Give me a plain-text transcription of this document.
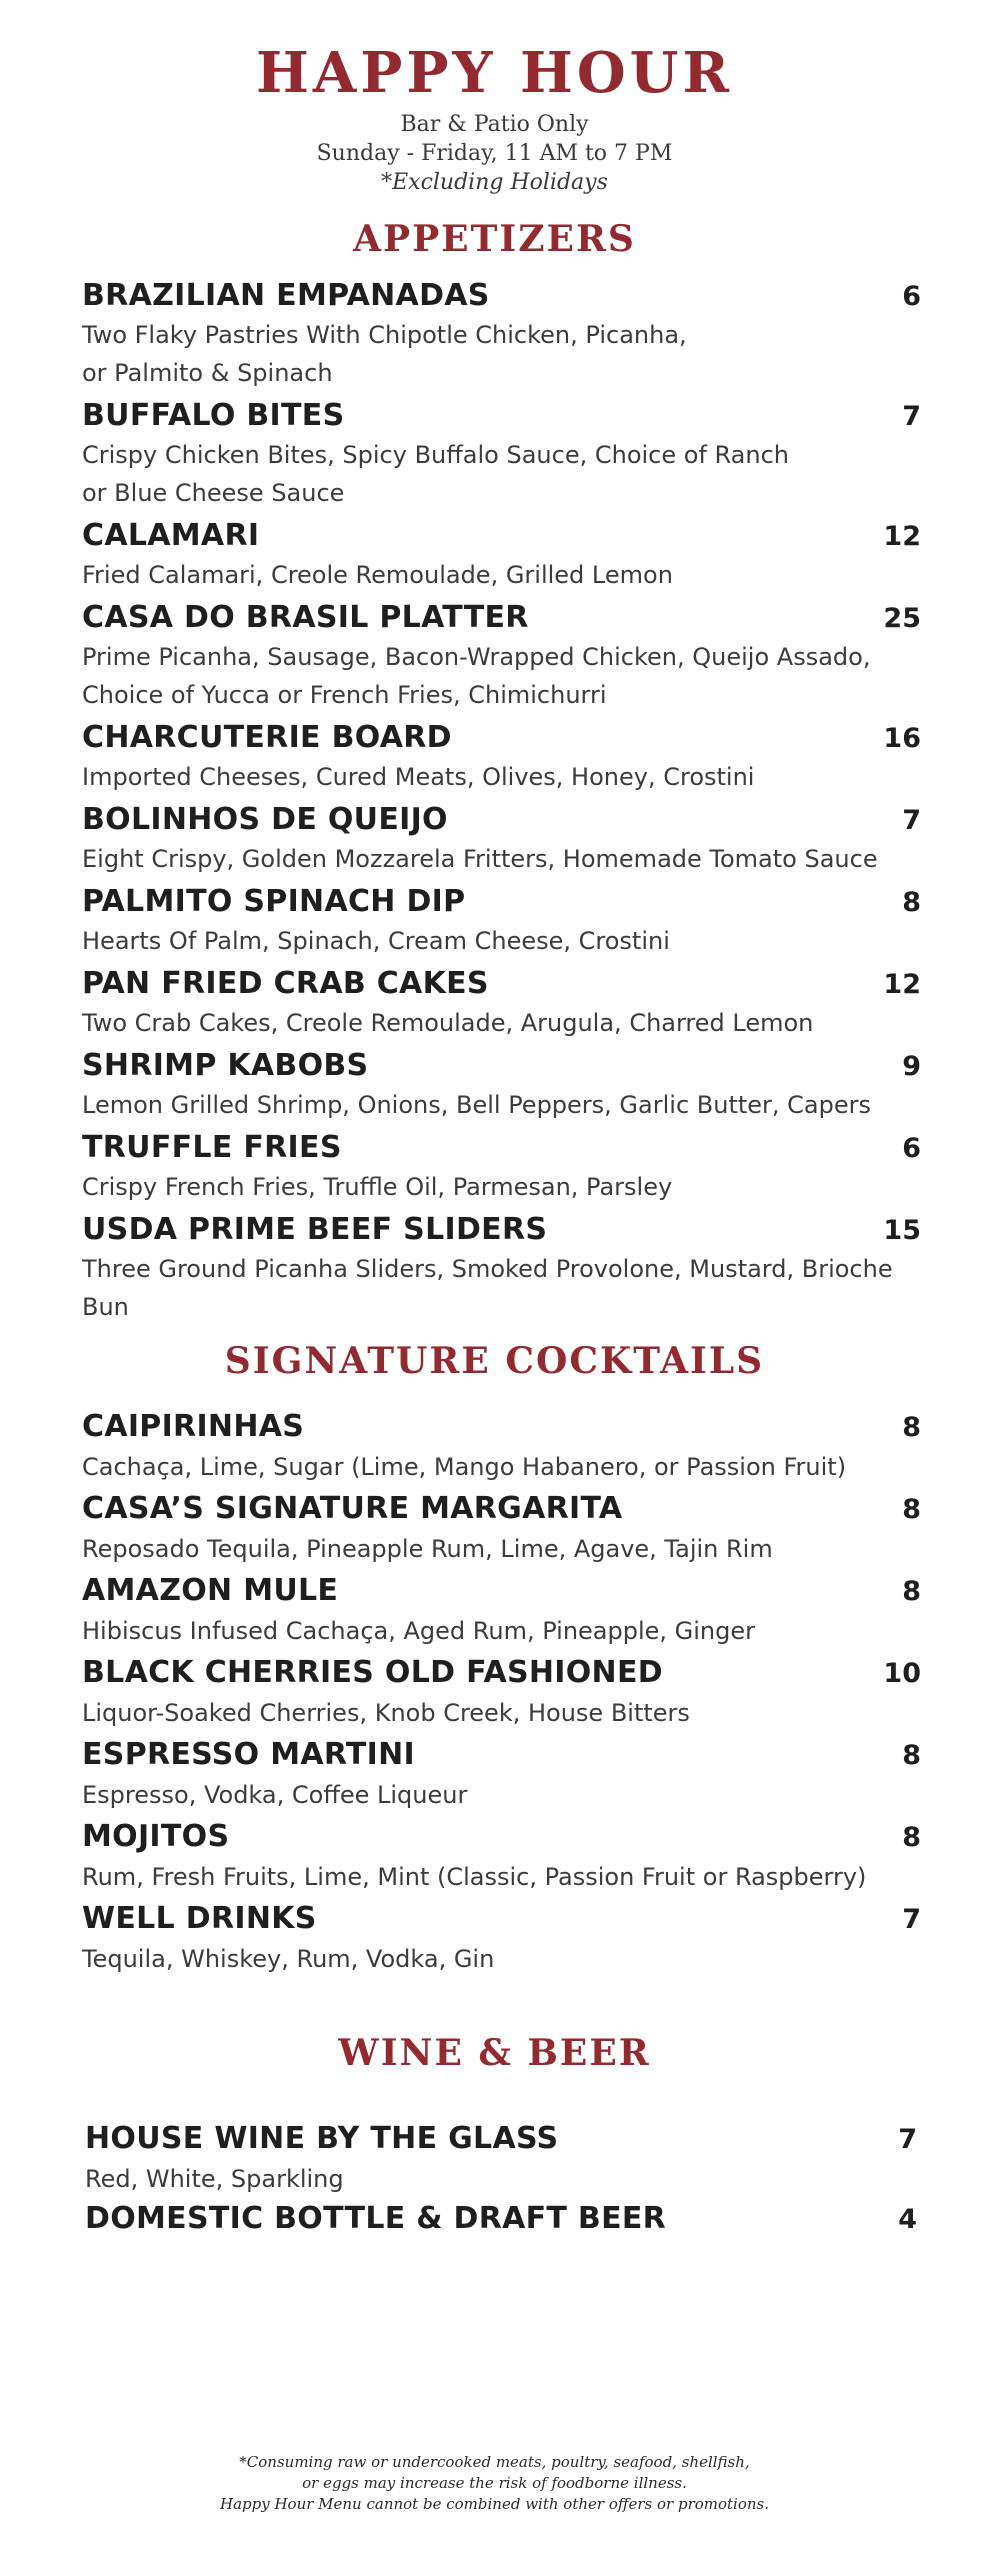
HAPPY HOUR
Bar & Patio Only
Sunday - Friday, 11 AM to 7 PM
*Excluding Holidays
APPETIZERS
BRAZILIAN EMPANADAS	6
Two Flaky Pastries With Chipotle Chicken, Picanha,
or Palmito & Spinach
BUFFALO BITES	7
Crispy Chicken Bites, Spicy Buffalo Sauce, Choice of Ranch
or Blue Cheese Sauce
CALAMARI	12
Fried Calamari, Creole Remoulade, Grilled Lemon
CASA DO BRASIL PLATTER	25
Prime Picanha, Sausage, Bacon-Wrapped Chicken, Queijo Assado,
Choice of Yucca or French Fries, Chimichurri
CHARCUTERIE BOARD	16
Imported Cheeses, Cured Meats, Olives, Honey, Crostini
BOLINHOS DE QUEIJO	7
Eight Crispy, Golden Mozzarela Fritters, Homemade Tomato Sauce
PALMITO SPINACH DIP	8
Hearts Of Palm, Spinach, Cream Cheese, Crostini
PAN FRIED CRAB CAKES	12
Two Crab Cakes, Creole Remoulade, Arugula, Charred Lemon
SHRIMP KABOBS	9
Lemon Grilled Shrimp, Onions, Bell Peppers, Garlic Butter, Capers
TRUFFLE FRIES	6
Crispy French Fries, Truffle Oil, Parmesan, Parsley
USDA PRIME BEEF SLIDERS	15
Three Ground Picanha Sliders, Smoked Provolone, Mustard, Brioche Bun
SIGNATURE COCKTAILS
CAIPIRINHAS	8
Cachaça, Lime, Sugar (Lime, Mango Habanero, or Passion Fruit)
CASA’S SIGNATURE MARGARITA	8
Reposado Tequila, Pineapple Rum, Lime, Agave, Tajin Rim
AMAZON MULE	8
Hibiscus Infused Cachaça, Aged Rum, Pineapple, Ginger
BLACK CHERRIES OLD FASHIONED	10
Liquor-Soaked Cherries, Knob Creek, House Bitters
ESPRESSO MARTINI	8
Espresso, Vodka, Coffee Liqueur
MOJITOS	8
Rum, Fresh Fruits, Lime, Mint (Classic, Passion Fruit or Raspberry)
WELL DRINKS	7
Tequila, Whiskey, Rum, Vodka, Gin
WINE & BEER
HOUSE WINE BY THE GLASS	7
Red, White, Sparkling
DOMESTIC BOTTLE & DRAFT BEER	4
*Consuming raw or undercooked meats, poultry, seafood, shellfish,
or eggs may increase the risk of foodborne illness.
Happy Hour Menu cannot be combined with other offers or promotions.
